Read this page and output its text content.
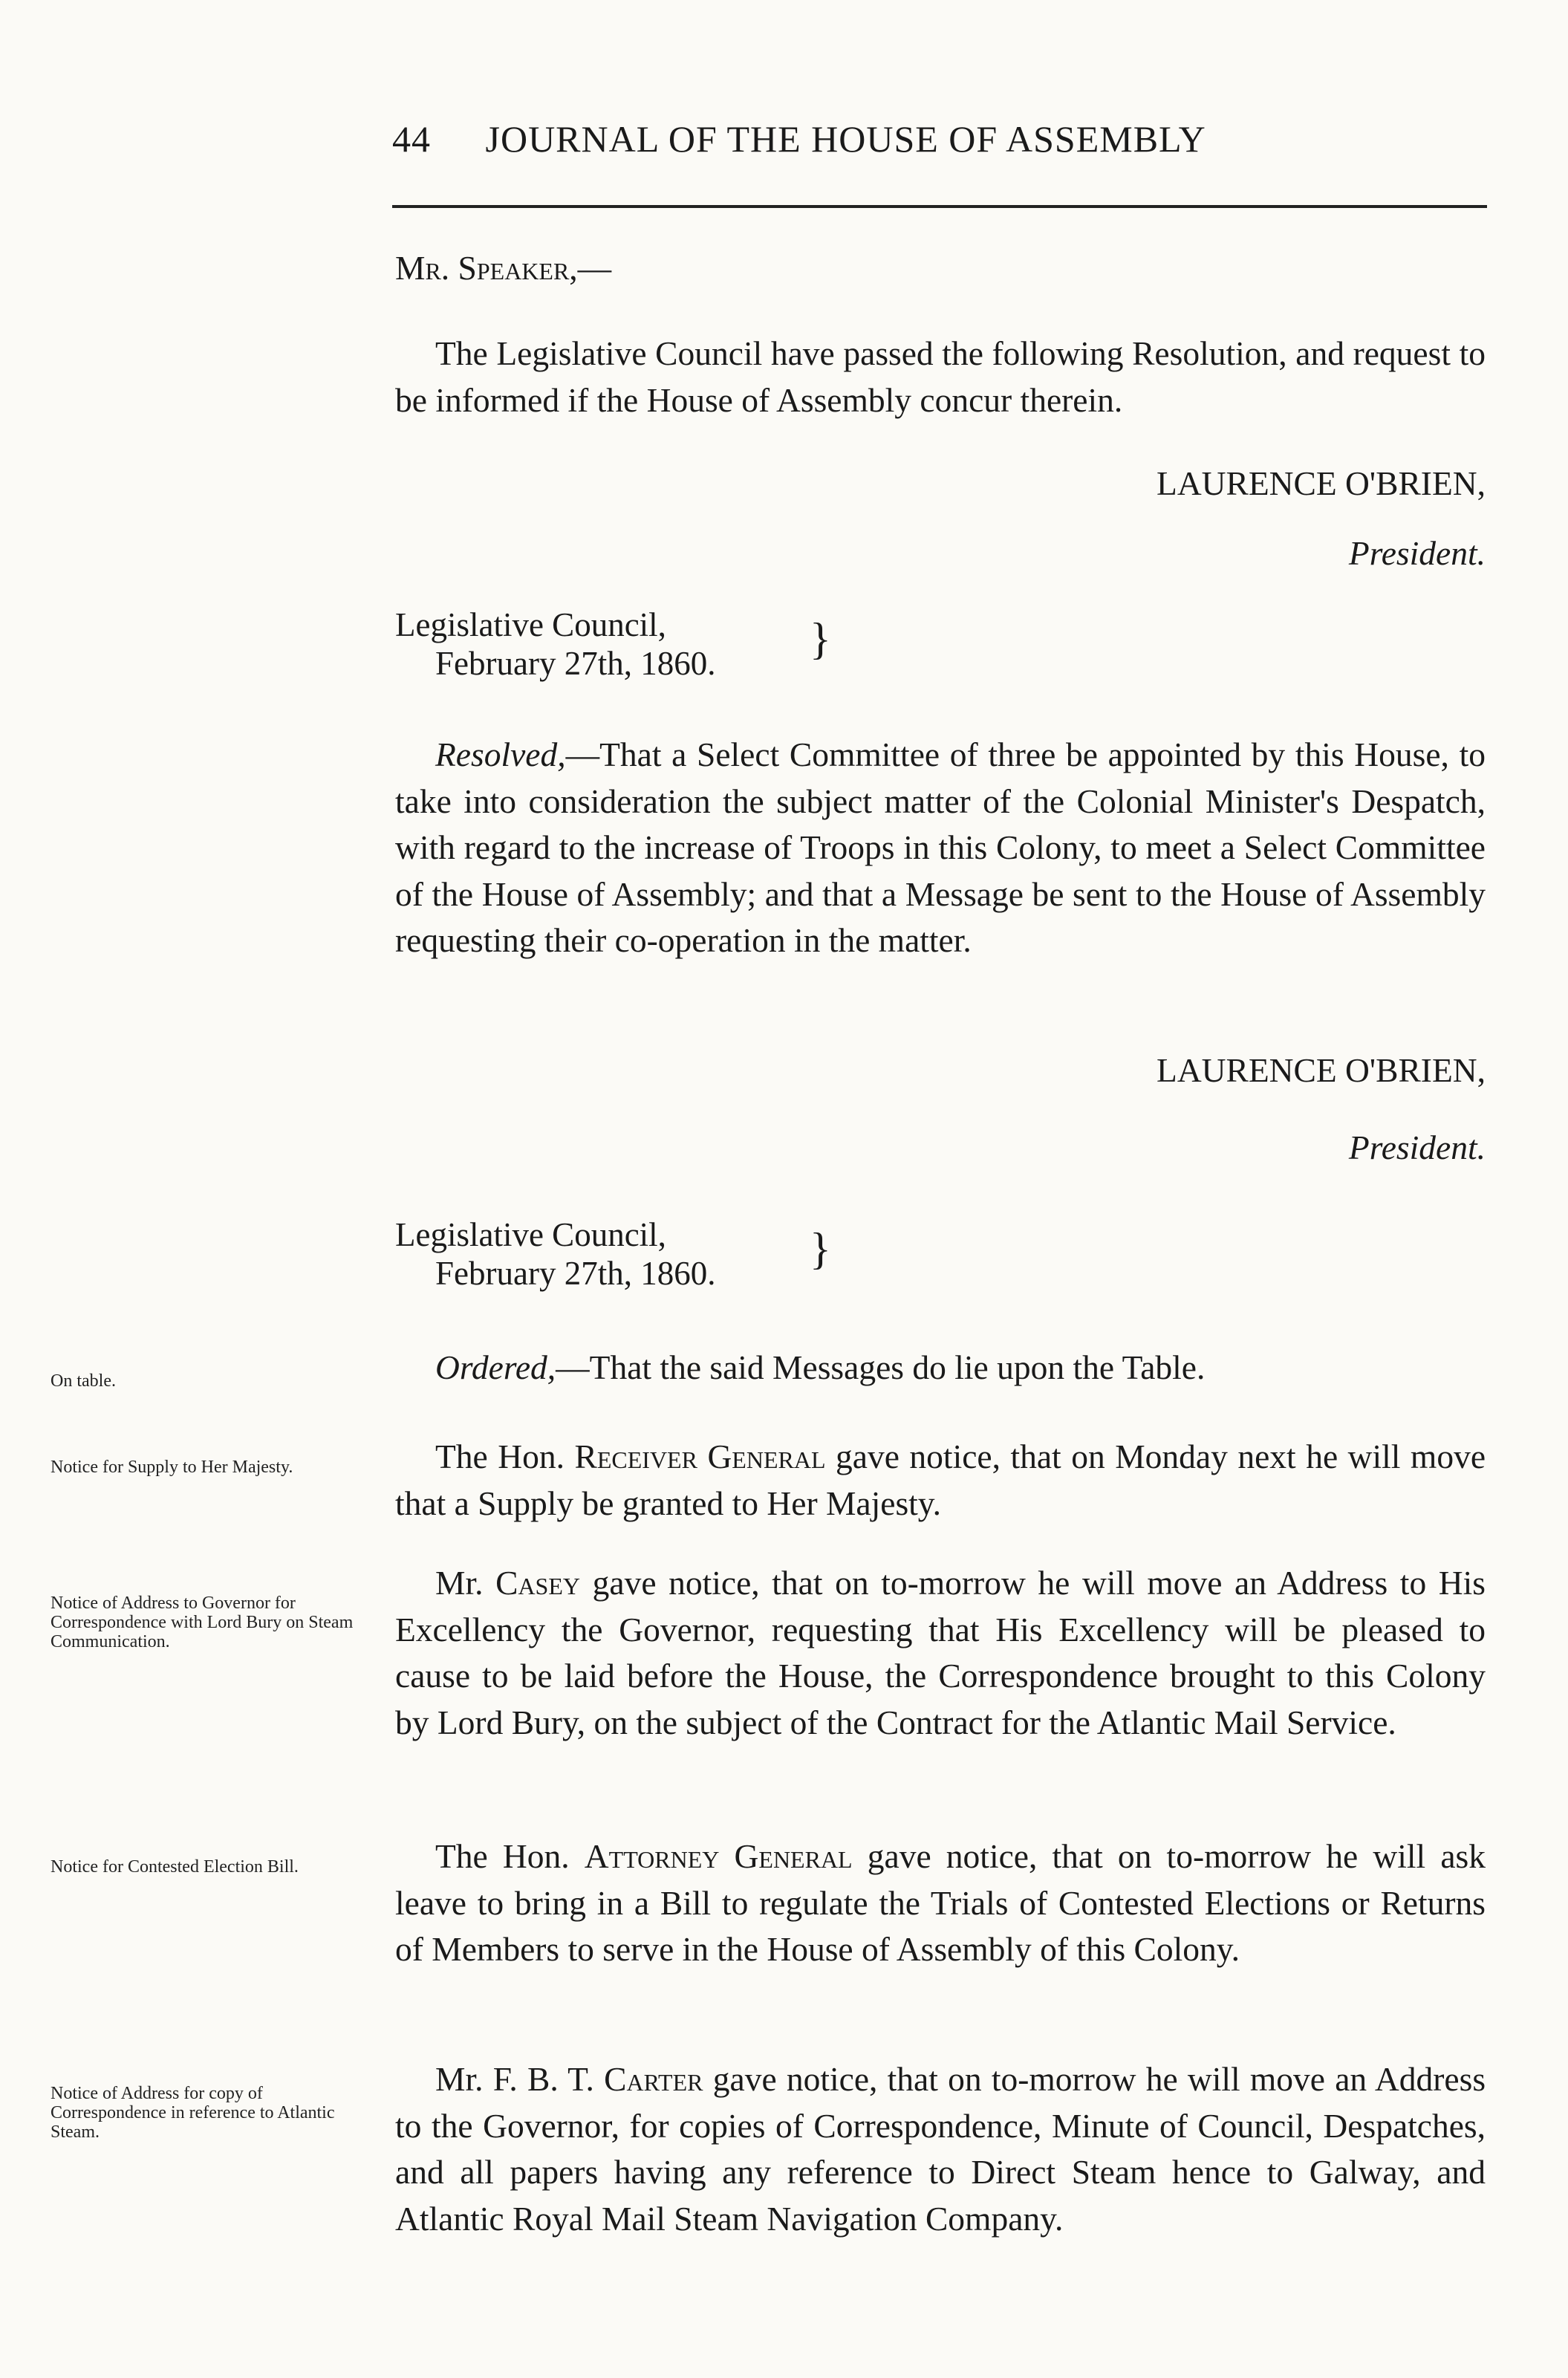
44 JOURNAL OF THE HOUSE OF ASSEMBLY
Mr. Speaker,—
The Legislative Council have passed the following Resolution, and request to be informed if the House of Assembly concur therein.
LAURENCE O'BRIEN,
President.
Legislative Council,
February 27th, 1860. }
Resolved,—That a Select Committee of three be appointed by this House, to take into consideration the subject matter of the Colonial Minister's Despatch, with regard to the increase of Troops in this Colony, to meet a Select Committee of the House of Assembly; and that a Message be sent to the House of Assembly requesting their co-operation in the matter.
LAURENCE O'BRIEN,
President.
Legislative Council,
February 27th, 1860. }
On table.	Ordered,—That the said Messages do lie upon the Table.
Notice for Supply to Her Majesty.	The Hon. Receiver General gave notice, that on Monday next he will move that a Supply be granted to Her Majesty.
Notice of Address to Governor for Correspondence with Lord Bury on Steam Communication.
Mr. Casey gave notice, that on to-morrow he will move an Address to His Excellency the Governor, requesting that His Excellency will be pleased to cause to be laid before the House, the Correspondence brought to this Colony by Lord Bury, on the subject of the Contract for the Atlantic Mail Service.
Notice for Contested Election Bill.	The Hon. Attorney General gave notice, that on to-morrow he will ask leave to bring in a Bill to regulate the Trials of Contested Elections or Returns of Members to serve in the House of Assembly of this Colony.
Notice of Address for copy of Correspondence in reference to Atlantic Steam.
Mr. F. B. T. Carter gave notice, that on to-morrow he will move an Address to the Governor, for copies of Correspondence, Minute of Council, Despatches, and all papers having any reference to Direct Steam hence to Galway, and Atlantic Royal Mail Steam Navigation Company.
